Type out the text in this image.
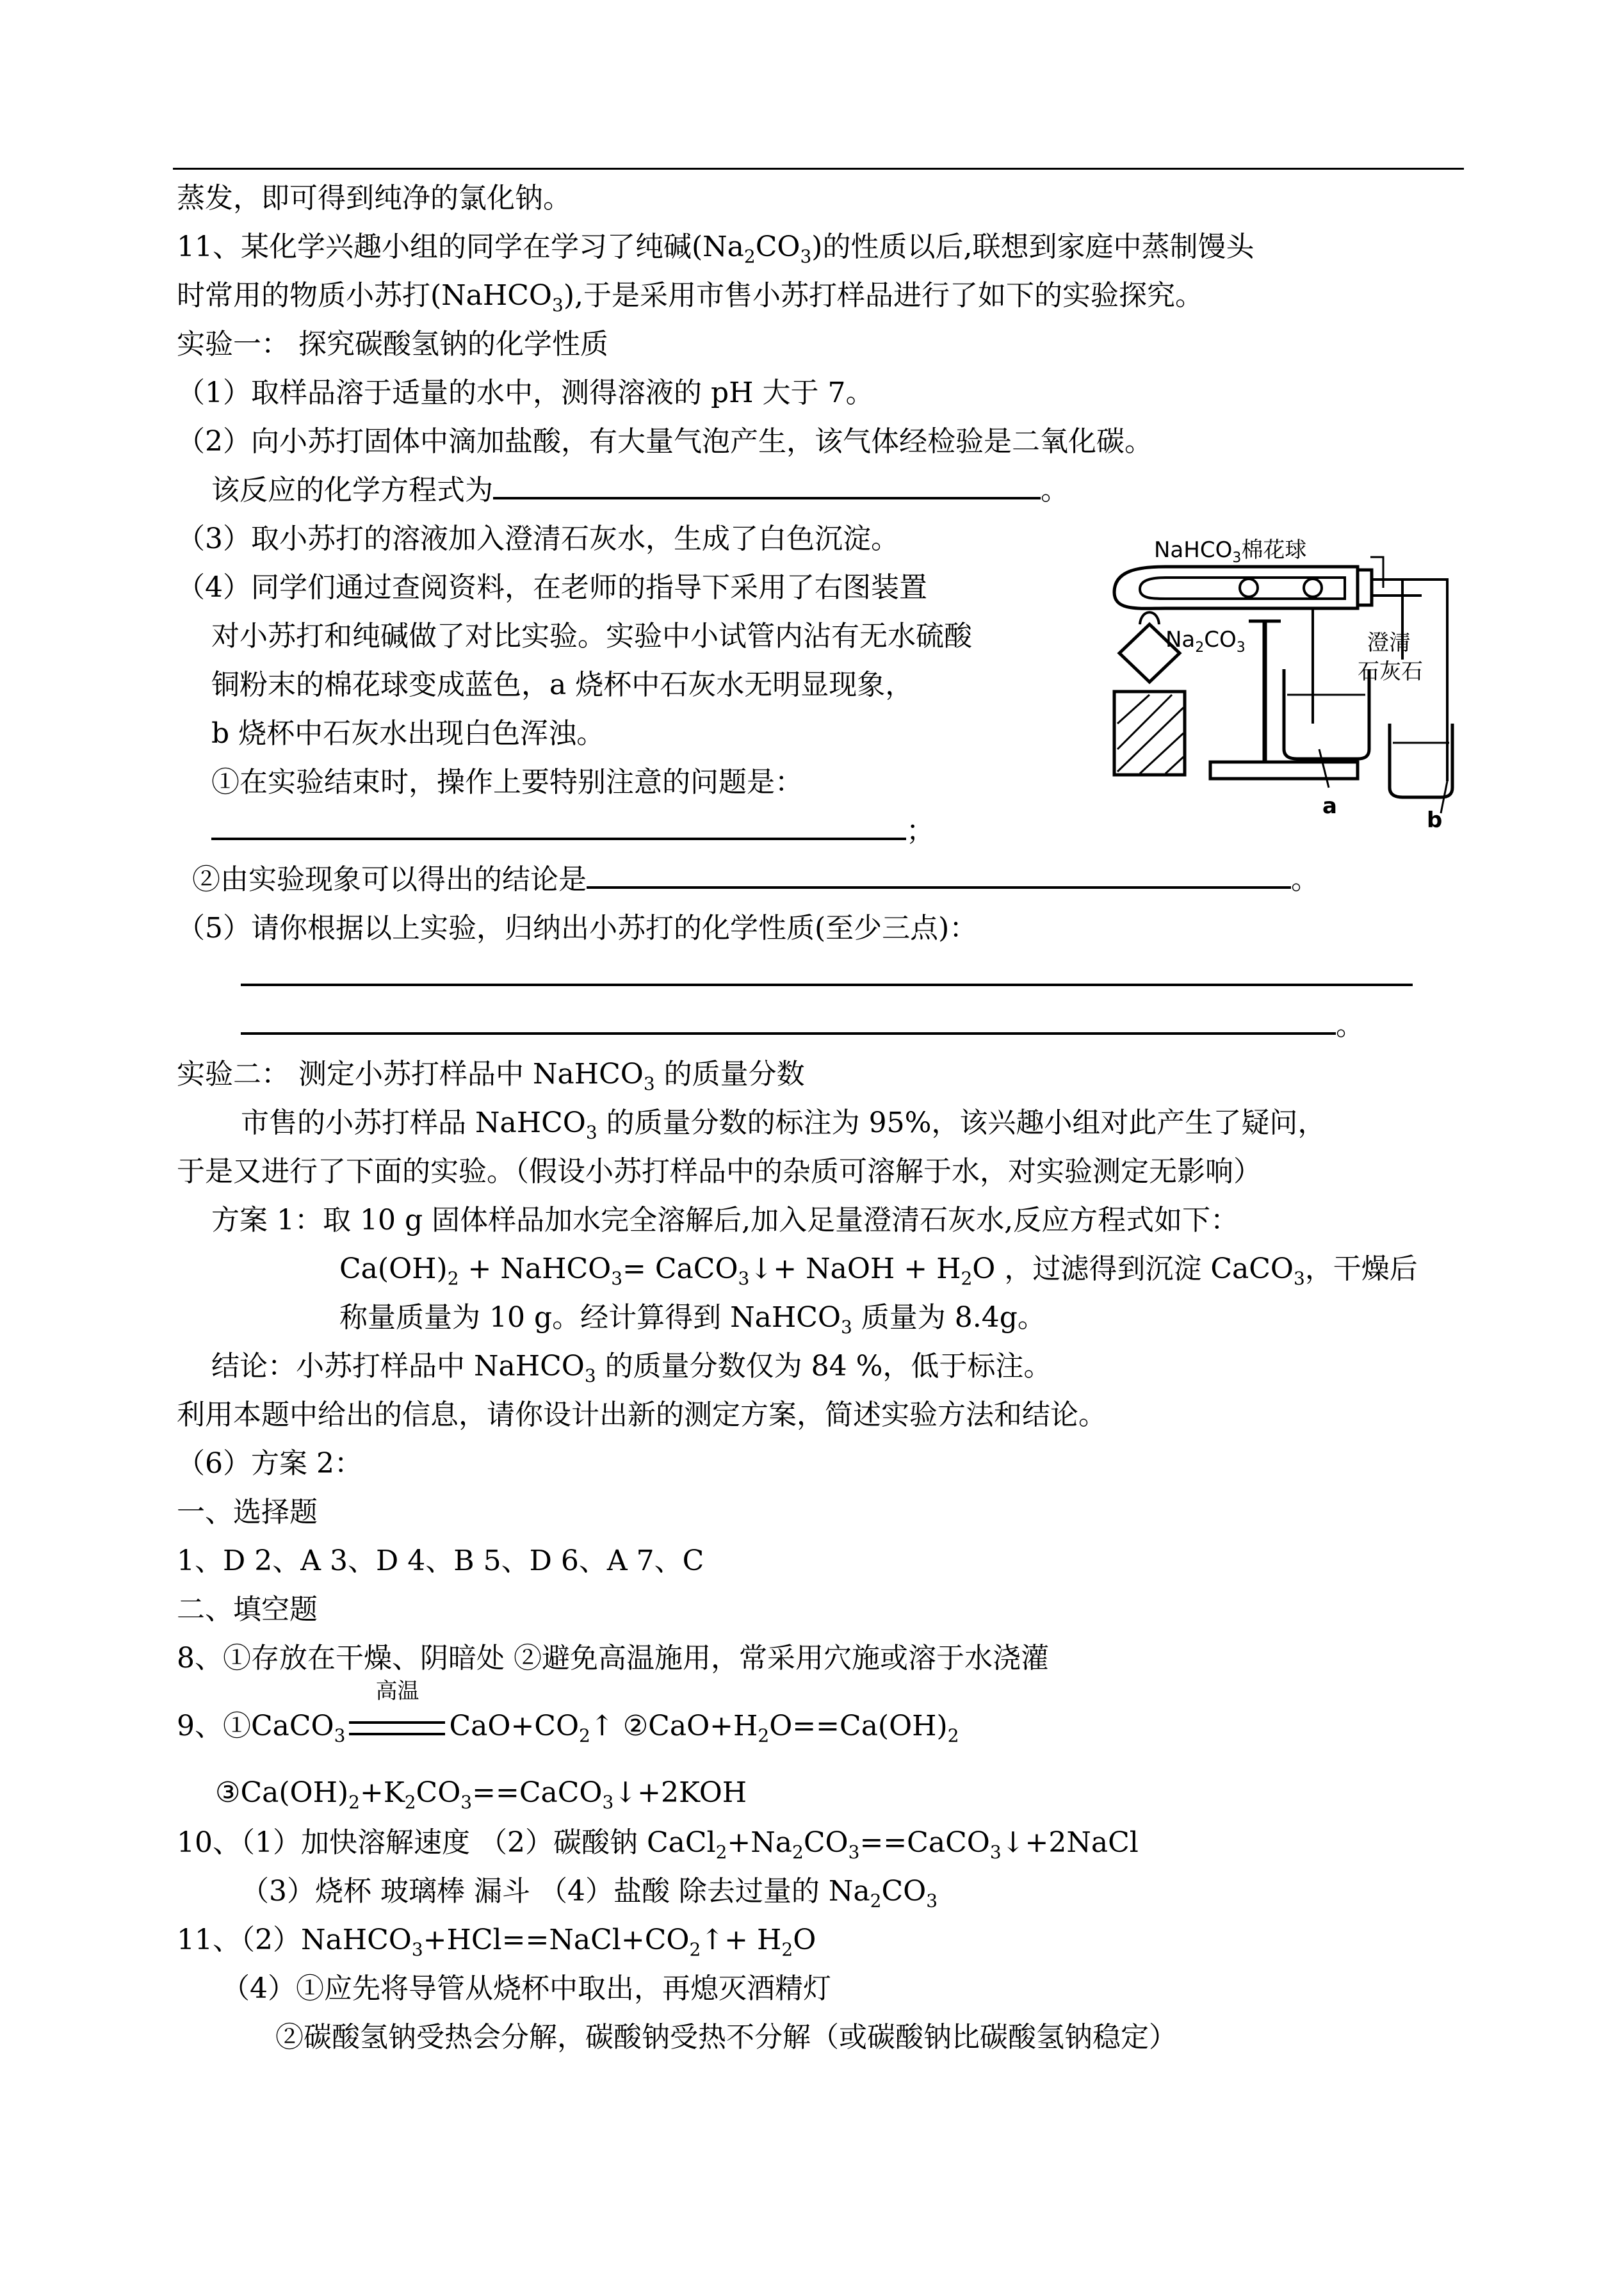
蒸发，即可得到纯净的氯化钠。
11、某化学兴趣小组的同学在学习了纯碱$(Na_2CO_3)$的性质以后,联想到家庭中蒸制馒头
时常用的物质小苏打(NaHCO$_3$),于是采用市售小苏打样品进行了如下的实验探究。
实验一： 探究碳酸氢钠的化学性质
（1）取样品溶于适量的水中，测得溶液的 pH 大于 7。
（2）向小苏打固体中滴加盐酸，有大量气泡产生，该气体经检验是二氧化碳。
该反应的化学方程式为	。
（3）取小苏打的溶液加入澄清石灰水，生成了白色沉淀。
（4）同学们通过查阅资料，在老师的指导下采用了右图装置
对小苏打和纯碱做了对比实验。实验中小试管内沾有无水硫酸
铜粉末的棉花球变成蓝色，a 烧杯中石灰水无明显现象，
b 烧杯中石灰水出现白色浑浊。
①在实验结束时，操作上要特别注意的问题是：
；
②由实验现象可以得出的结论是	。
（5）请你根据以上实验，归纳出小苏打的化学性质(至少三点)：
。
实验二： 测定小苏打样品中 NaHCO$_3$ 的质量分数
市售的小苏打样品 NaHCO$_3$ 的质量分数的标注为 95%，该兴趣小组对此产生了疑问，
于是又进行了下面的实验。（假设小苏打样品中的杂质可溶解于水，对实验测定无影响）
方案 1：取 10 g 固体样品加水完全溶解后,加入足量澄清石灰水,反应方程式如下：
$Ca(OH)_2$ + NaHCO$_3$= CaCO$_3$↓+ NaOH + $H_2O$ ，过滤得到沉淀 CaCO$_3$，干燥后
称量质量为 10 g。经计算得到 NaHCO$_3$ 质量为 8.4g。
结论：小苏打样品中 NaHCO$_3$ 的质量分数仅为 84 %，低于标注。
利用本题中给出的信息，请你设计出新的测定方案，简述实验方法和结论。
（6）方案 2：
一、选择题
1、D 2、A 3、D 4、B 5、D 6、A 7、C
二、填空题
8、①存放在干燥、阴暗处 ②避免高温施用，常采用穴施或溶于水浇灌
9、①CaCO$_3$
高温
$CaO+CO_2↑$ $②CaO+H_2O==Ca(OH)_2$
$③Ca(OH)_2+K_2CO_3==CaCO_3↓+2KOH$
10、（1）加快溶解速度 （2）碳酸钠 $CaCl_2+Na_2CO_3==CaCO_3↓+2NaCl$
（3）烧杯 玻璃棒 漏斗 （4）盐酸 除去过量的 $Na_2CO_3$
11、$(2)NaHCO_3+HCl==NaCl+CO_2↑+ H_2O$
（4）①应先将导管从烧杯中取出，再熄灭酒精灯
②碳酸氢钠受热会分解，碳酸钠受热不分解（或碳酸钠比碳酸氢钠稳定）
NaHCO$_3$棉花球
$Na_2CO_3$	澄清
石灰石
a
b
